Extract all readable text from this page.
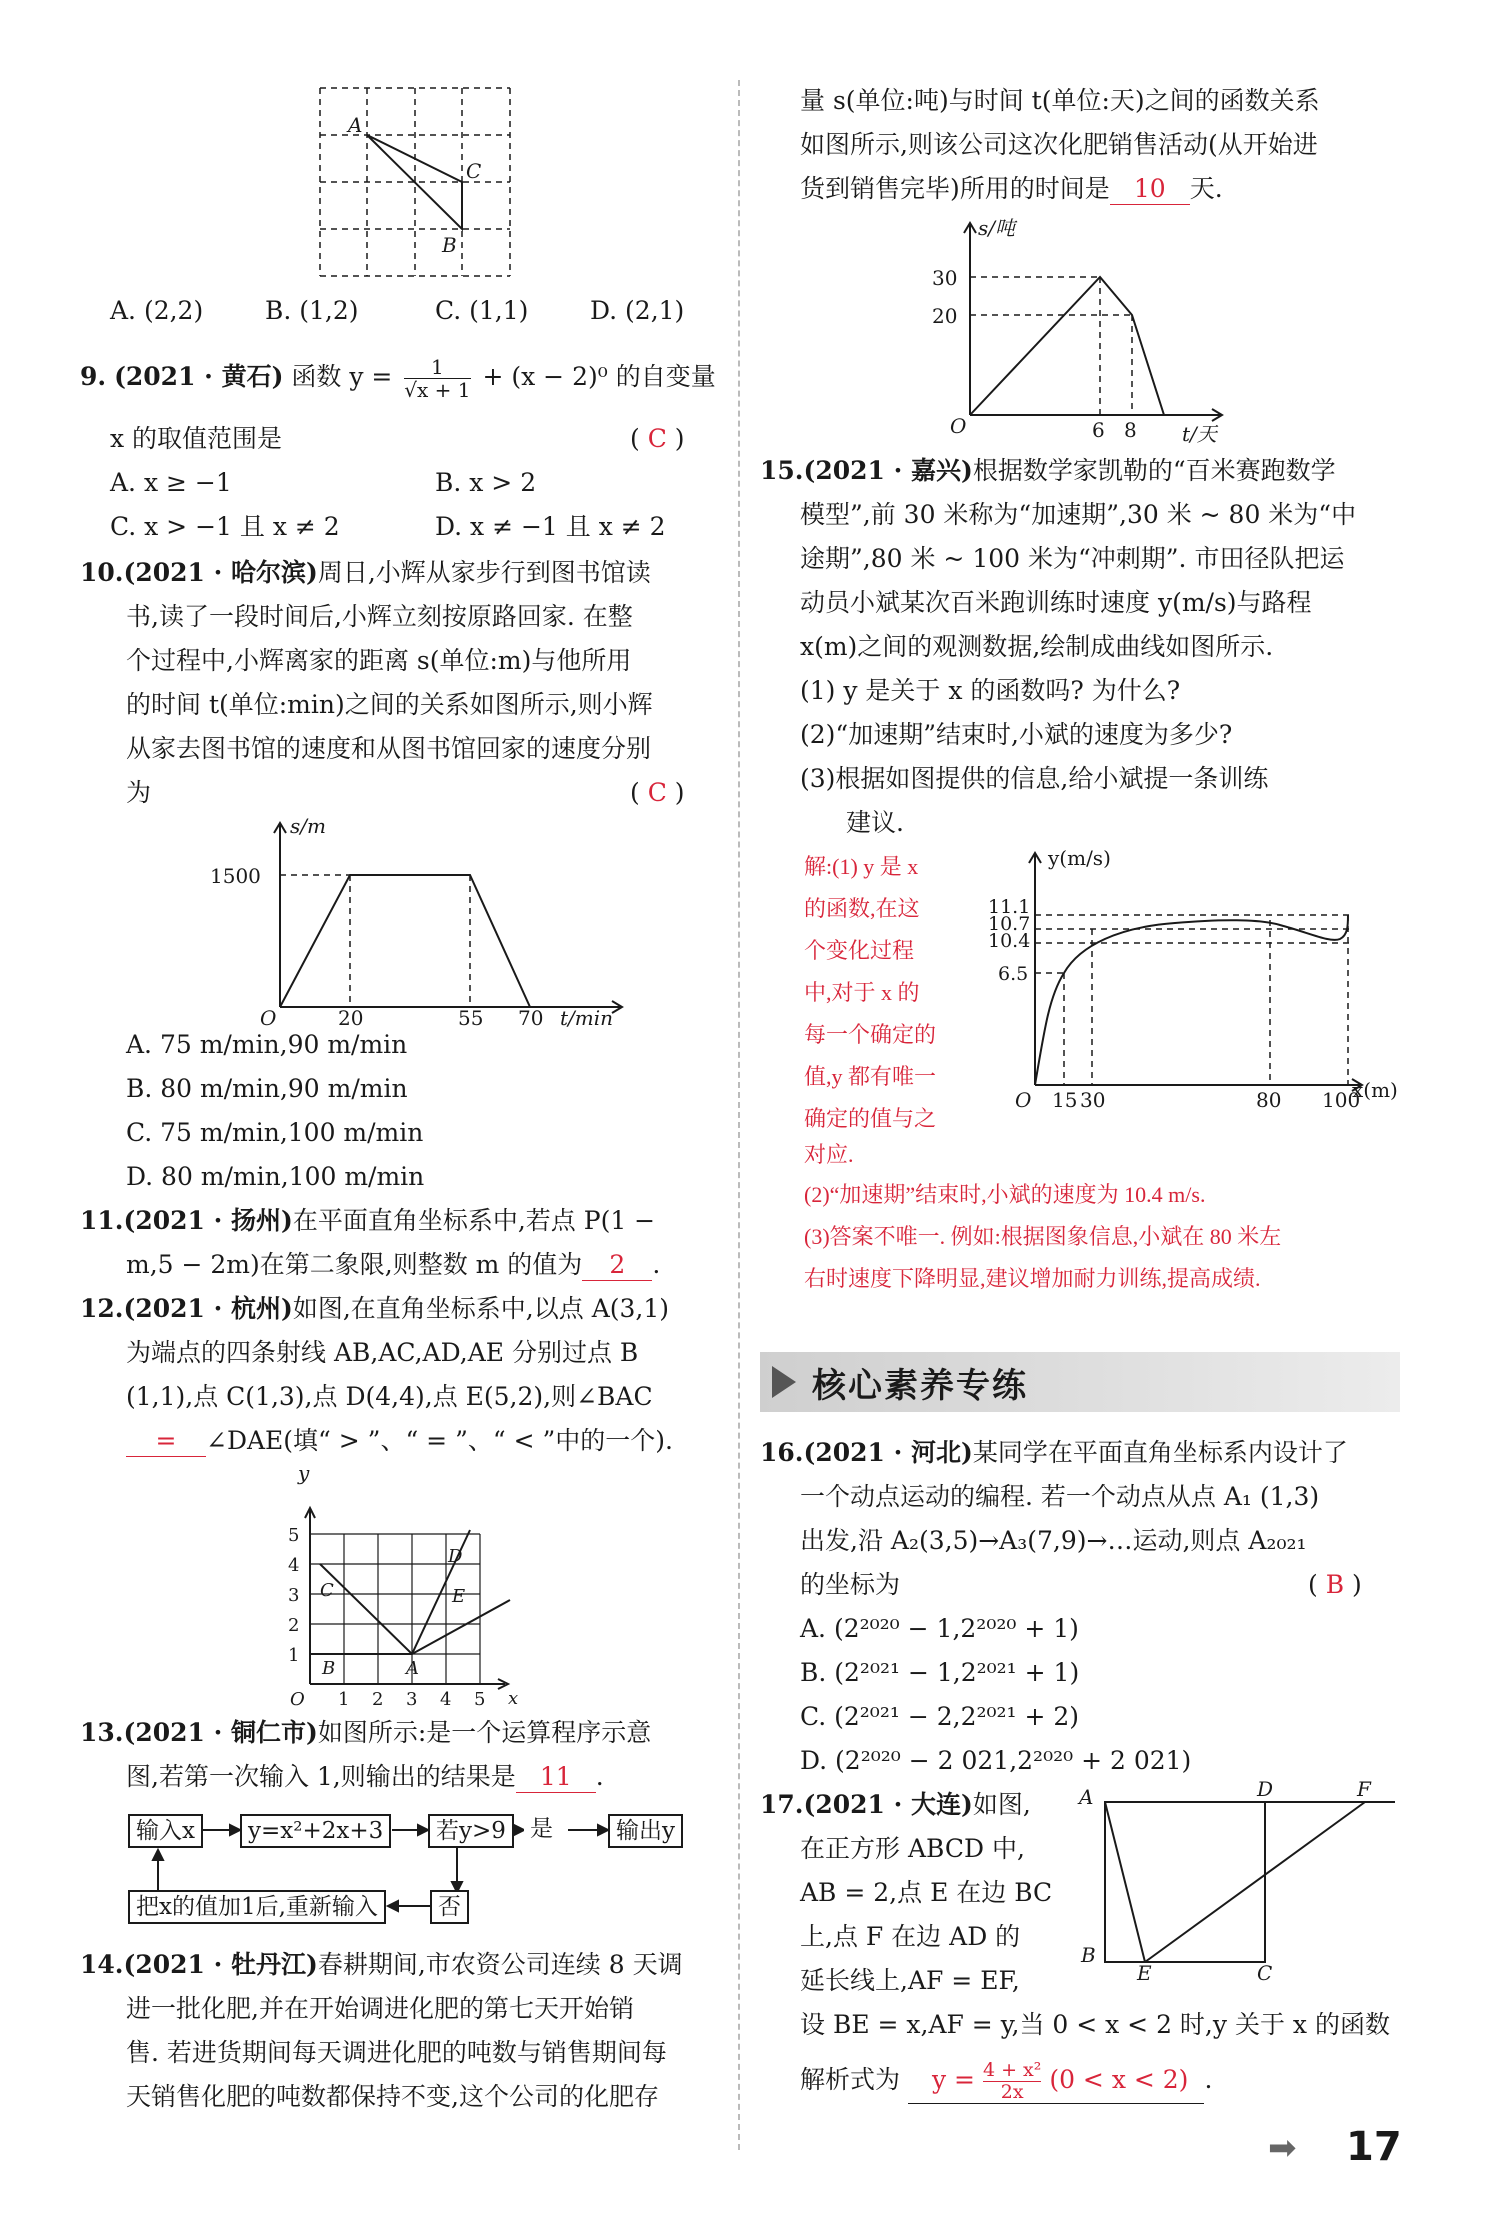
A
C
B
A. (2,2) B. (1,2)	C. (1,1) D. (2,1)
9. (2021 · 黄石) 函数 $y = \frac{1}{√x + 1} + (x - 2)^0$ 的自变量
x 的取值范围是	( C )
A. x ≥ −1	B. x > 2
C. x > −1 且 x ≠ 2	D. x ≠ −1 且 x ≠ 2
10.(2021 · 哈尔滨)周日,小辉从家步行到图书馆读
书,读了一段时间后,小辉立刻按原路回家. 在整
个过程中,小辉离家的距离 s(单位:m)与他所用
的时间 t(单位:min)之间的关系如图所示,则小辉
从家去图书馆的速度和从图书馆回家的速度分别
为	( C )
s/m
1500
O	20	55 70 t/min
A. 75 m/min,90 m/min
B. 80 m/min,90 m/min
C. 75 m/min,100 m/min
D. 80 m/min,100 m/min
11.(2021 · 扬州)在平面直角坐标系中,若点 P(1 −
m,5 − 2m)在第二象限,则整数 m 的值为 2 .
12.(2021 · 杭州)如图,在直角坐标系中,以点 A(3,1)
为端点的四条射线 AB,AC,AD,AE 分别过点 B
(1,1),点 C(1,3),点 D(4,4),点 E(5,2),则∠BAC
= ∠DAE(填“ > ”、“ = ”、“ < ”中的一个).
y
1
2
3
4
5
O 1 2 3 4 5 x
A
B
C
D
E
13.(2021 · 铜仁市)如图所示:是一个运算程序示意
图,若第一次输入 1,则输出的结果是 11 .
输入x	y=x²+2x+3	若y>9	是	输出y
把x的值加1后,重新输入	否
14.(2021 · 牡丹江)春耕期间,市农资公司连续 8 天调
进一批化肥,并在开始调进化肥的第七天开始销
售. 若进货期间每天调进化肥的吨数与销售期间每
天销售化肥的吨数都保持不变,这个公司的化肥存
量 s(单位:吨)与时间 t(单位:天)之间的函数关系
如图所示,则该公司这次化肥销售活动(从开始进
货到销售完毕)所用的时间是 10 天.
s/吨
30
20
O	6 8 t/天
15.(2021 · 嘉兴)根据数学家凯勒的“百米赛跑数学
模型”,前 30 米称为“加速期”,30 米 ~ 80 米为“中
途期”,80 米 ~ 100 米为“冲刺期”. 市田径队把运
动员小斌某次百米跑训练时速度 y(m/s)与路程
x(m)之间的观测数据,绘制成曲线如图所示.
(1) y 是关于 x 的函数吗? 为什么?
(2)“加速期”结束时,小斌的速度为多少?
(3)根据如图提供的信息,给小斌提一条训练
建议.
解:(1) y 是 x
的函数,在这
个变化过程
中,对于 x 的
每一个确定的
值,y 都有唯一
确定的值与之
对应.
y(m/s)
11.1
10.7
10.4
6.5
O 15 30	80 100
x(m)
(2)“加速期”结束时,小斌的速度为 10.4 m/s.
(3)答案不唯一. 例如:根据图象信息,小斌在 80 米左
右时速度下降明显,建议增加耐力训练,提高成绩.
核心素养专练
16.(2021 · 河北)某同学在平面直角坐标系内设计了
一个动点运动的编程. 若一个动点从点 A₁ (1,3)
出发,沿 A₂(3,5)→A₃(7,9)→…运动,则点 A₂₀₂₁
的坐标为	( B )
A. (2²⁰²⁰ − 1,2²⁰²⁰ + 1)
B. (2²⁰²¹ − 1,2²⁰²¹ + 1)
C. (2²⁰²¹ − 2,2²⁰²¹ + 2)
D. (2²⁰²⁰ − 2 021,2²⁰²⁰ + 2 021)
17.(2021 · 大连)如图,
在正方形 ABCD 中,
AB = 2,点 E 在边 BC
上,点 F 在边 AD 的
延长线上,AF = EF,
A	D	F
B
E	C
设 BE = x,AF = y,当 0 < x < 2 时,y 关于 x 的函数
解析式为 $y = \frac{\text{4 + x²}}{2x} (0 < x < 2)$ .
➡ 17
